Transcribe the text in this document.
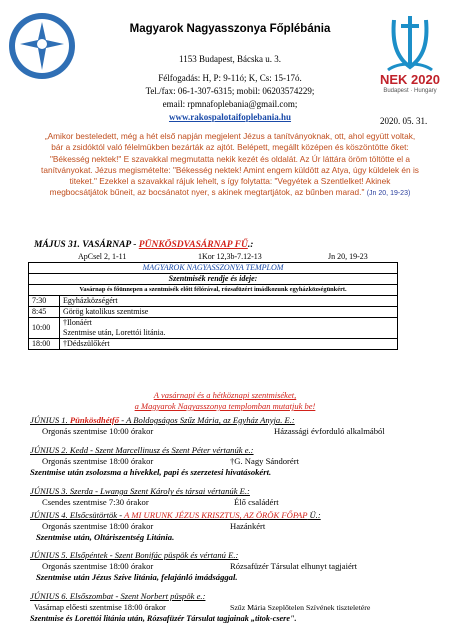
Magyarok Nagyasszonya Főplébánia
1153 Budapest, Bácska u. 3.
Félfogadás: H, P: 9-11ó; K, Cs: 15-17ó.
Tel./fax: 06-1-307-6315; mobil: 06203574229;
email: rpmnafoplebania@gmail.com;
www.rakospalotaifoplebania.hu
NEK 2020
Budapest · Hungary
2020. 05. 31.
„Amikor besteledett, még a hét első napján megjelent Jézus a tanítványoknak, ott, ahol együtt voltak, bár a zsidóktól való félelmükben bezárták az ajtót. Belépett, megállt középen és köszöntötte őket: "Békesség nektek!" E szavakkal megmutatta nekik kezét és oldalát. Az Úr láttára öröm töltötte el a tanítványokat. Jézus megismételte: "Békesség nektek! Amint engem küldött az Atya, úgy küldelek én is titeket." Ezekkel a szavakkal rájuk lehelt, s így folytatta: "Vegyétek a Szentlelket! Akinek megbocsátjátok bűneit, az bocsánatot nyer, s akinek megtartjátok, az bűnben marad." (Jn 20, 19-23)
MÁJUS 31. VASÁRNAP - PÜNKÖSDVASÁRNAP FŰ.:
ApCsel 2, 1-11	1Kor 12,3b-7.12-13	Jn 20, 19-23
MAGYAROK NAGYASSZONYA TEMPLOM	
Szentmisék rendje és ideje:	
Vasárnap és főünnepen a szentmisék előtt félórával, rózsafüzért imádkozunk egyházközségünkért.	
7:30	Egyházközségért
8:45	Görög katolikus szentmise
10:00	†Ilonáért
Szentmise után, Lorettói litánia.

18:00	†Dédszülőkért
A vasárnapi és a hétköznapi szentmiséket,
a Magyarok Nagyasszonya templomban mutatjuk be!
JÚNIUS 1. Pünkösdhétfő - A Boldogságos Szűz Mária, az Egyház Anyja. E.:
Orgonás szentmise 10:00 órakor	Házassági évforduló alkalmából
JÚNIUS 2. Kedd - Szent Marcellinusz és Szent Péter vértanúk e.:
Orgonás szentmise 18:00 órakor	†G. Nagy Sándorért
Szentmise után zsolozsma a hívekkel, papi és szerzetesi hivatásokért.
JÚNIUS 3. Szerda - Lwanga Szent Károly és társai vértanúk E.:
Csendes szentmise 7:30 órakor	Élő családért
JÚNIUS 4. Elsőcsütörtök - A MI URUNK JÉZUS KRISZTUS, AZ ÖRÖK FŐPAP Ü.:
Orgonás szentmise 18:00 órakor	Hazánkért
Szentmise után, Oltáriszentség Litánia.
JÚNIUS 5. Elsőpéntek - Szent Bonifác püspök és vértanú E.:
Orgonás szentmise 18:00 órakor	Rózsafüzér Társulat elhunyt tagjaiért
Szentmise után Jézus Szíve litánia, felajánló imádsággal.
JÚNIUS 6. Elsőszombat - Szent Norbert püspök e.:
Vasárnap előesti szentmise 18:00 órakor	Szűz Mária Szeplőtelen Szívének tiszteletére
Szentmise és Lorettói litánia után, Rózsafüzér Társulat tagjainak „titok-csere".
